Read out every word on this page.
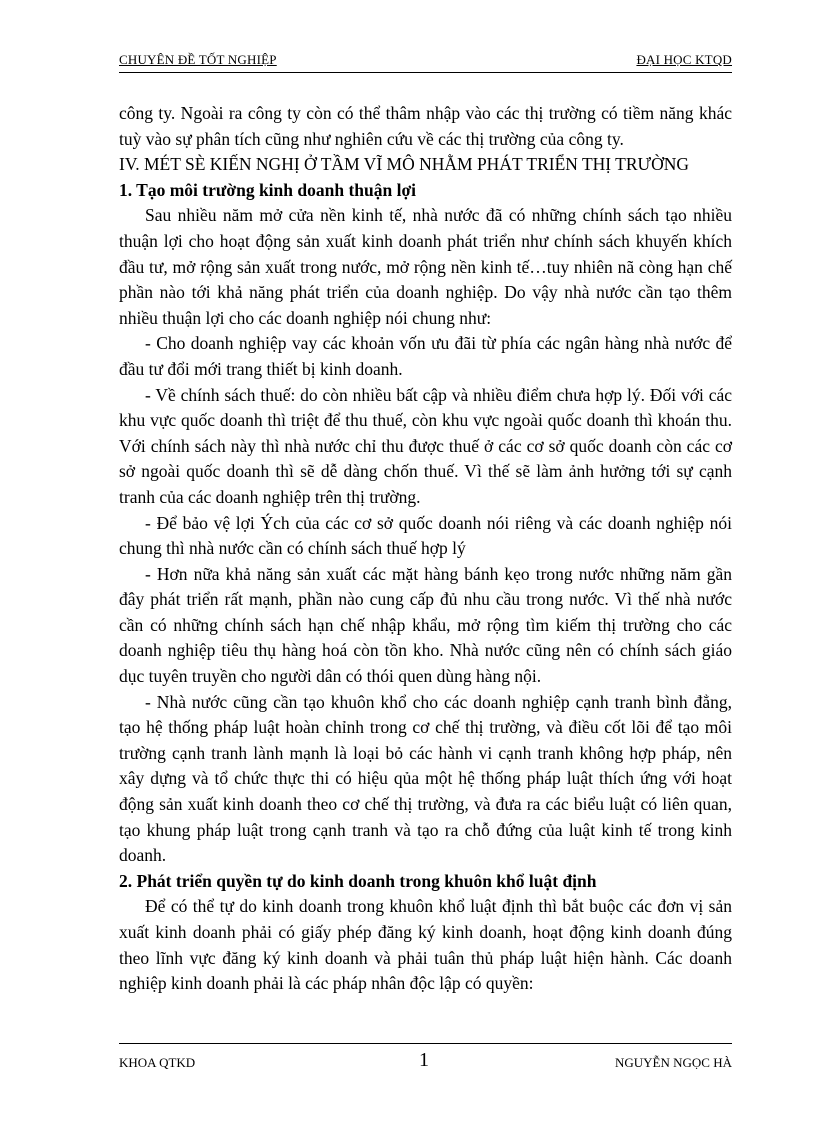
CHUYÊN ĐỀ TỐT NGHIỆP	ĐẠI HỌC KTQD

công ty. Ngoài ra công ty còn có thể thâm nhập vào các thị trường có tiềm năng khác tuỳ vào sự phân tích cũng như nghiên cứu về các thị trường của công ty.

IV. MÉT SÈ KIẾN NGHỊ Ở TẦM VĨ MÔ NHẰM PHÁT TRIỂN THỊ TRƯỜNG
1. Tạo môi trường kinh doanh thuận lợi

Sau nhiều năm mở cửa nền kinh tế, nhà nước đã có những chính sách tạo nhiều thuận lợi cho hoạt động sản xuất kinh doanh phát triển như chính sách khuyến khích đầu tư, mở rộng sản xuất trong nước, mở rộng nền kinh tế…tuy nhiên nã còng hạn chế phần nào tới khả năng phát triển của doanh nghiệp. Do vậy nhà nước cần tạo thêm nhiều thuận lợi cho các doanh nghiệp nói chung như:

- Cho doanh nghiệp vay các khoản vốn ưu đãi từ phía các ngân hàng nhà nước để đầu tư đổi mới trang thiết bị kinh doanh.

- Về chính sách thuế: do còn nhiều bất cập và nhiều điểm chưa hợp lý. Đối với các khu vực quốc doanh thì triệt để thu thuế, còn khu vực ngoài quốc doanh thì khoán thu. Với chính sách này thì nhà nước chỉ thu được thuế ở các cơ sở quốc doanh còn các cơ sở ngoài quốc doanh thì sẽ dễ dàng chốn thuế. Vì thế sẽ làm ảnh hưởng tới sự cạnh tranh của các doanh nghiệp trên thị trường.

- Để bảo vệ lợi Ých của các cơ sở quốc doanh nói riêng và các doanh nghiệp nói chung thì nhà nước cần có chính sách thuế hợp lý

- Hơn nữa khả năng sản xuất các mặt hàng bánh kẹo trong nước những năm gần đây phát triển rất mạnh, phần nào cung cấp đủ nhu cầu trong nước. Vì thế nhà nước cần có những chính sách hạn chế nhập khẩu, mở rộng tìm kiếm thị trường cho các doanh nghiệp tiêu thụ hàng hoá còn tồn kho. Nhà nước cũng nên có chính sách giáo dục tuyên truyền cho người dân có thói quen dùng hàng nội.

- Nhà nước cũng cần tạo khuôn khổ cho các doanh nghiệp cạnh tranh bình đẳng, tạo hệ thống pháp luật hoàn chỉnh trong cơ chế thị trường, và điều cốt lõi để tạo môi trường cạnh tranh lành mạnh là loại bỏ các hành vi cạnh tranh không hợp pháp, nên xây dựng và tổ chức thực thi có hiệu qủa một hệ thống pháp luật thích ứng với hoạt động sản xuất kinh doanh theo cơ chế thị trường, và đưa ra các biểu luật có liên quan, tạo khung pháp luật trong cạnh tranh và tạo ra chỗ đứng của luật kinh tế trong kinh doanh.

2. Phát triển quyền tự do kinh doanh trong khuôn khổ luật định

Để có thể tự do kinh doanh trong khuôn khổ luật định thì bắt buộc các đơn vị sản xuất kinh doanh phải có giấy phép đăng ký kinh doanh, hoạt động kinh doanh đúng theo lĩnh vực đăng ký kinh doanh và phải tuân thủ pháp luật hiện hành. Các doanh nghiệp kinh doanh phải là các pháp nhân độc lập có quyền:

KHOA QTKD	1	NGUYỄN NGỌC HÀ
